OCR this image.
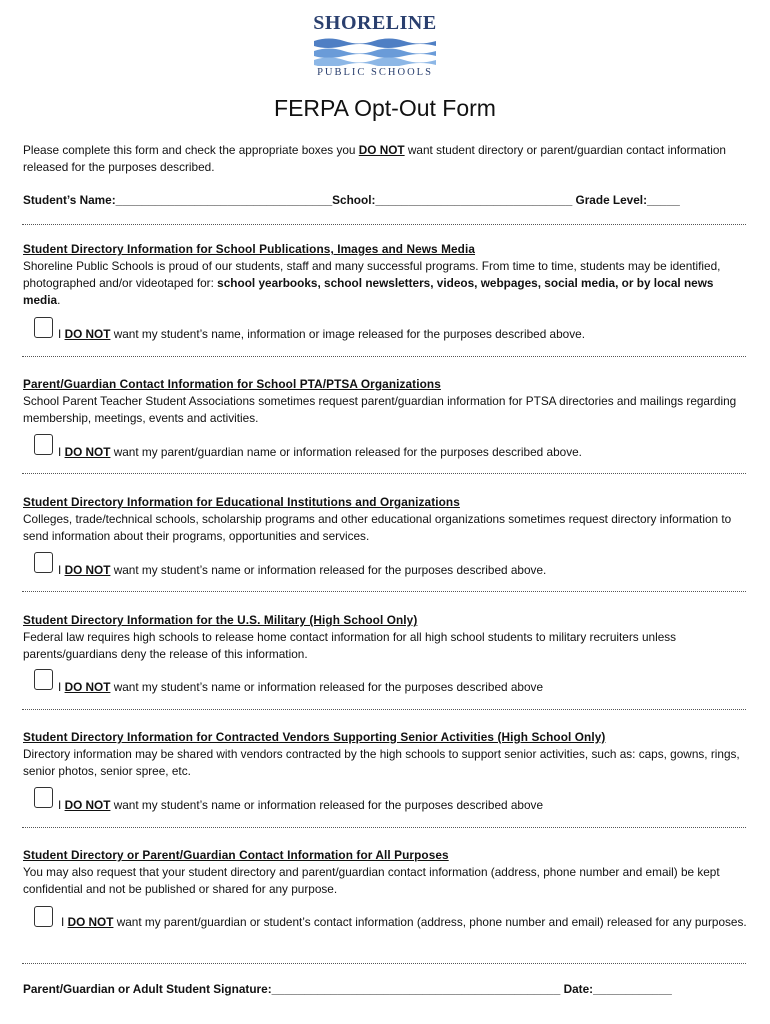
SHORELINE
PUBLIC SCHOOLS
FERPA Opt-Out Form
Please complete this form and check the appropriate boxes you DO NOT want student directory or parent/guardian contact information released for the purposes described.
Student’s Name:_________________________________School:______________________________ Grade Level:_____
Student Directory Information for School Publications, Images and News Media
Shoreline Public Schools is proud of our students, staff and many successful programs. From time to time, students may be identified, photographed and/or videotaped for: school yearbooks, school newsletters, videos, webpages, social media, or by local news media.
I DO NOT want my student’s name, information or image released for the purposes described above.
Parent/Guardian Contact Information for School PTA/PTSA Organizations
School Parent Teacher Student Associations sometimes request parent/guardian information for PTSA directories and mailings regarding membership, meetings, events and activities.
I DO NOT want my parent/guardian name or information released for the purposes described above.
Student Directory Information for Educational Institutions and Organizations
Colleges, trade/technical schools, scholarship programs and other educational organizations sometimes request directory information to send information about their programs, opportunities and services.
I DO NOT want my student’s name or information released for the purposes described above.
Student Directory Information for the U.S. Military (High School Only)
Federal law requires high schools to release home contact information for all high school students to military recruiters unless parents/guardians deny the release of this information.
I DO NOT want my student’s name or information released for the purposes described above
Student Directory Information for Contracted Vendors Supporting Senior Activities (High School Only)
Directory information may be shared with vendors contracted by the high schools to support senior activities, such as: caps, gowns, rings, senior photos, senior spree, etc.
I DO NOT want my student’s name or information released for the purposes described above
Student Directory or Parent/Guardian Contact Information for All Purposes
You may also request that your student directory and parent/guardian contact information (address, phone number and email) be kept confidential and not be published or shared for any purpose.
I DO NOT want my parent/guardian or student’s contact information (address, phone number and email) released for any purposes.
Parent/Guardian or Adult Student Signature:____________________________________________ Date:____________
